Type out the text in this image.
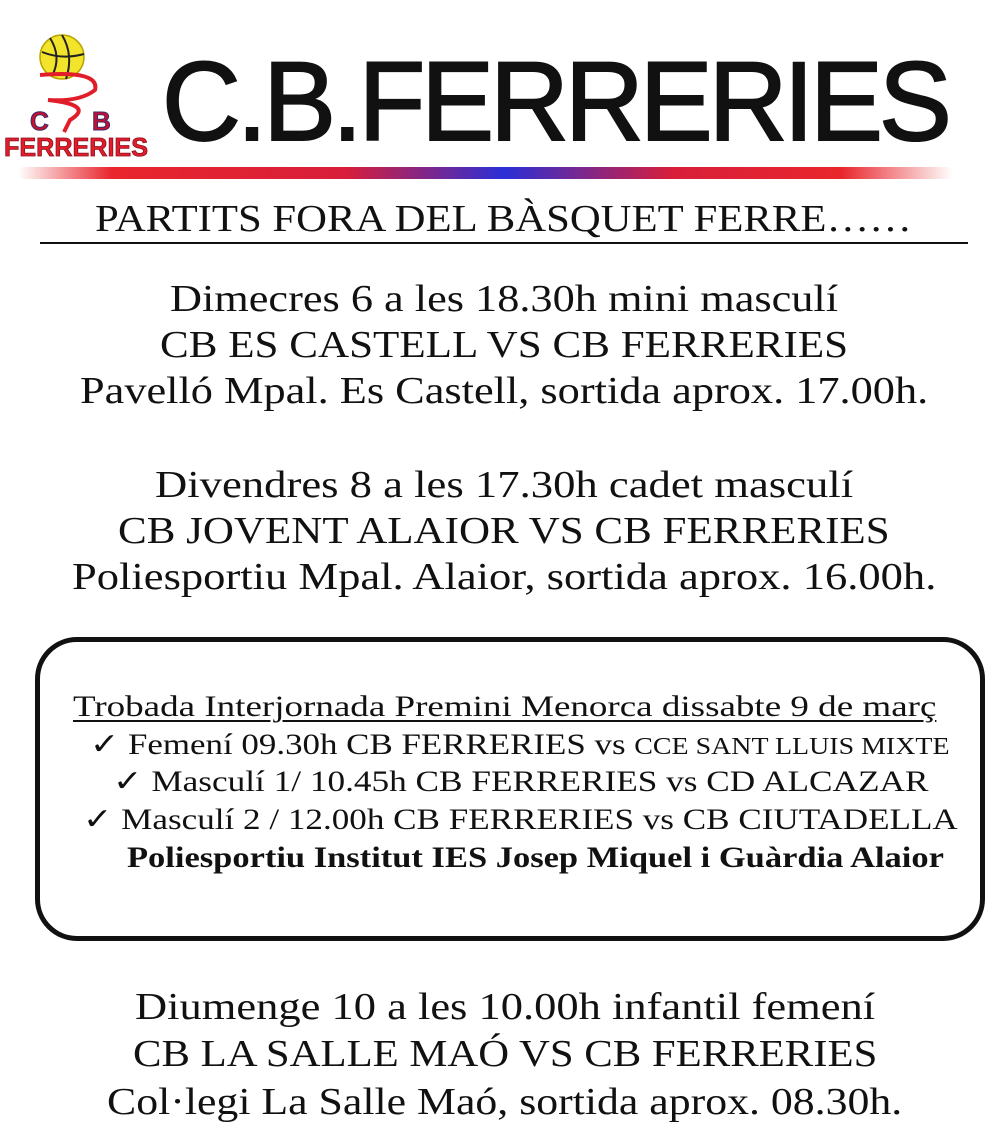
C B
FERRERIES C.B.FERRERIES
PARTITS FORA DEL BÀSQUET FERRE……
Dimecres 6 a les 18.30h mini masculí
CB ES CASTELL VS CB FERRERIES
Pavelló Mpal. Es Castell, sortida aprox. 17.00h.
Divendres 8 a les 17.30h cadet masculí
CB JOVENT ALAIOR VS CB FERRERIES
Poliesportiu Mpal. Alaior, sortida aprox. 16.00h.
Trobada Interjornada Premini Menorca dissabte 9 de març
✓ Femení 09.30h CB FERRERIES vs CCE SANT LLUIS MIXTE
✓ Masculí 1/ 10.45h CB FERRERIES vs CD ALCAZAR
✓ Masculí 2 / 12.00h CB FERRERIES vs CB CIUTADELLA
Poliesportiu Institut IES Josep Miquel i Guàrdia Alaior
Diumenge 10 a les 10.00h infantil femení
CB LA SALLE MAÓ VS CB FERRERIES
Col·legi La Salle Maó, sortida aprox. 08.30h.
